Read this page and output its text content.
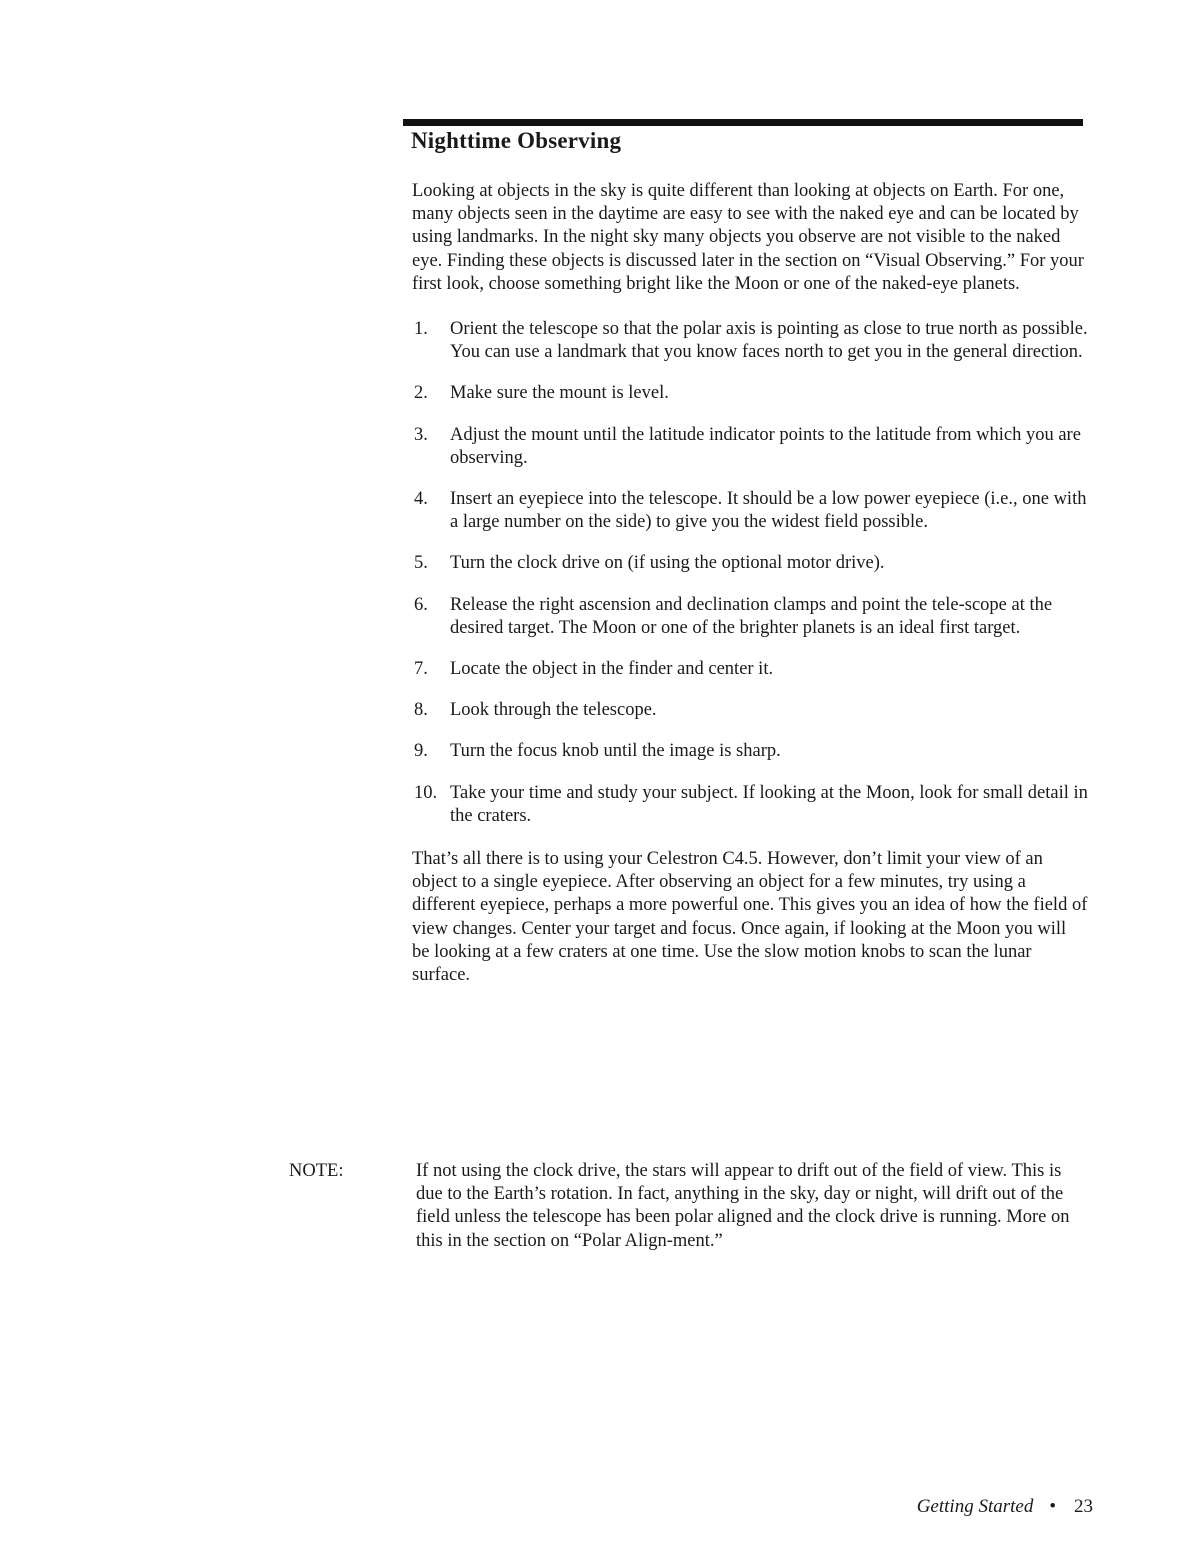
Nighttime Observing

Looking at objects in the sky is quite different than looking at objects on Earth. For one, many objects seen in the daytime are easy to see with the naked eye and can be located by using landmarks. In the night sky many objects you observe are not visible to the naked eye. Finding these objects is discussed later in the section on “Visual Observing.” For your first look, choose something bright like the Moon or one of the naked-eye planets.

1. Orient the telescope so that the polar axis is pointing as close to true north as possible. You can use a landmark that you know faces north to get you in the general direction.
2. Make sure the mount is level.
3. Adjust the mount until the latitude indicator points to the latitude from which you are observing.
4. Insert an eyepiece into the telescope. It should be a low power eyepiece (i.e., one with a large number on the side) to give you the widest field possible.
5. Turn the clock drive on (if using the optional motor drive).
6. Release the right ascension and declination clamps and point the tele-scope at the desired target. The Moon or one of the brighter planets is an ideal first target.
7. Locate the object in the finder and center it.
8. Look through the telescope.
9. Turn the focus knob until the image is sharp.
10. Take your time and study your subject. If looking at the Moon, look for small detail in the craters.

That’s all there is to using your Celestron C4.5. However, don’t limit your view of an object to a single eyepiece. After observing an object for a few minutes, try using a different eyepiece, perhaps a more powerful one. This gives you an idea of how the field of view changes. Center your target and focus. Once again, if looking at the Moon you will be looking at a few craters at one time. Use the slow motion knobs to scan the lunar surface.

NOTE:	If not using the clock drive, the stars will appear to drift out of the field of view. This is due to the Earth’s rotation. In fact, anything in the sky, day or night, will drift out of the field unless the telescope has been polar aligned and the clock drive is running. More on this in the section on “Polar Align-ment.”

Getting Started • 23
